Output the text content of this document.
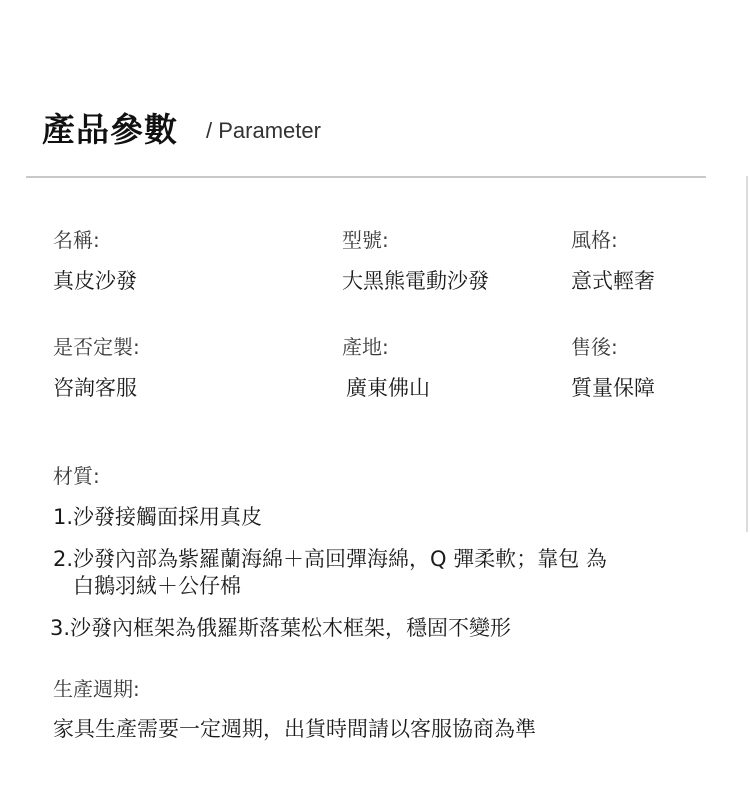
產品參數 / Parameter
名稱:
真皮沙發
型號:
大黑熊電動沙發
風格:
意式輕奢
是否定製:
咨詢客服
產地:
廣東佛山
售後:
質量保障
材質:
1.沙發接觸面採用真皮
2.沙發內部為紫羅蘭海綿＋高回彈海綿，Q 彈柔軟；靠包 為
白鵝羽絨＋公仔棉
3.沙發內框架為俄羅斯落葉松木框架，穩固不變形
生產週期:
家具生產需要一定週期，出貨時間請以客服協商為準
